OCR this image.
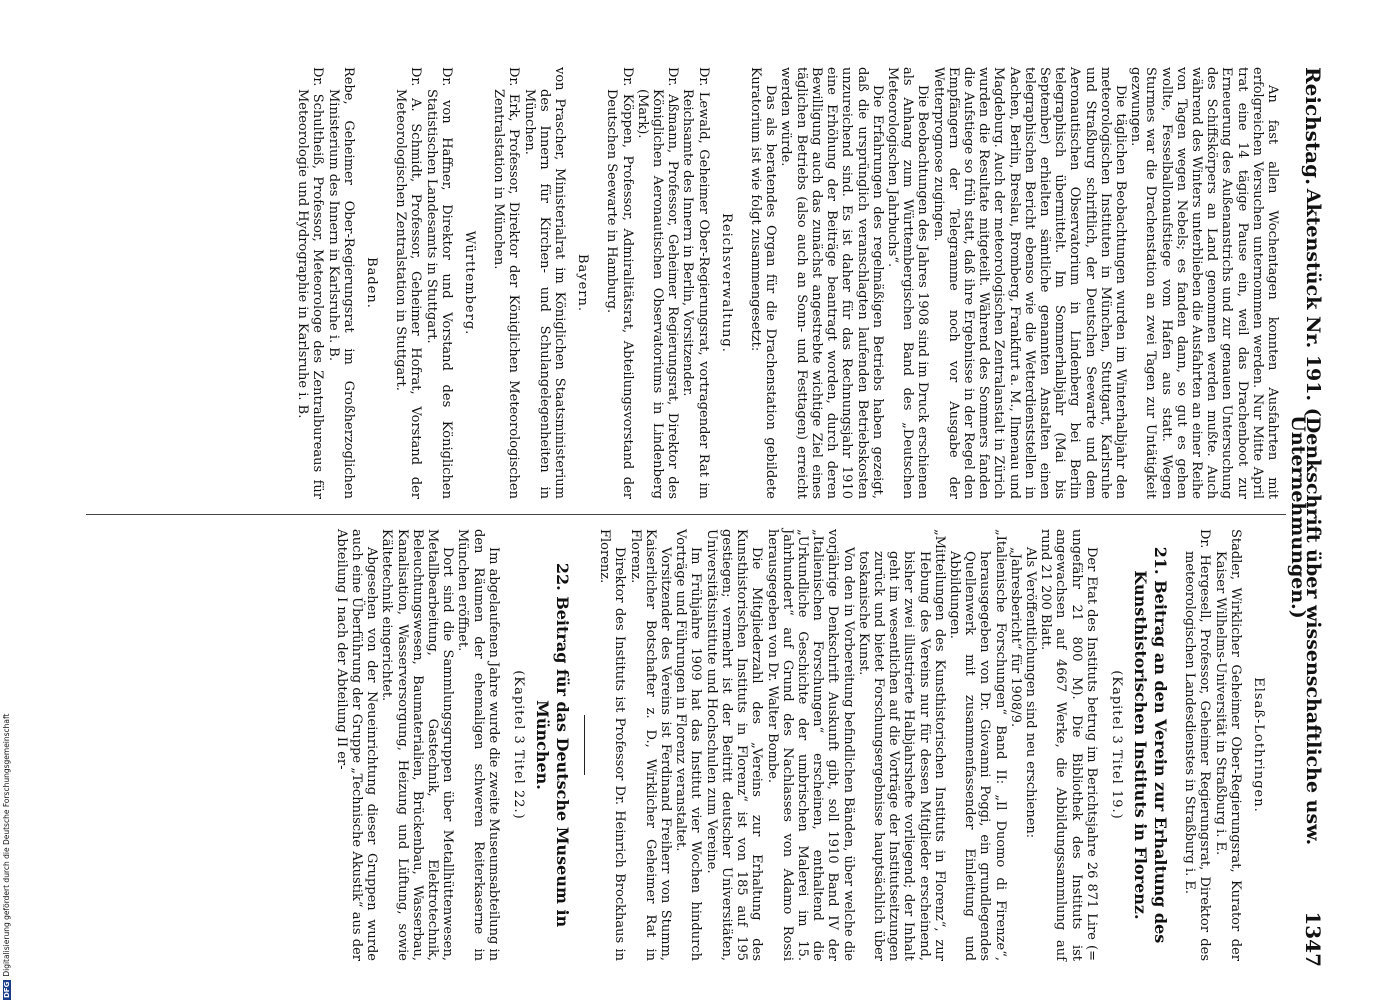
Reichstag.
Aktenstück Nr. 191. (Denkschrift über wissenschaftliche usw. Unternehmungen.)
1347

An fast allen Wochentagen konnten Ausfahrten mit erfolgreichen Versuchen unternommen werden. Nur Mitte April trat eine 14 tägige Pause ein, weil das Drachenboot zur Erneuerung des Außenanstrichs und zur genauen Untersuchung des Schiffskörpers an Land genommen werden mußte. Auch während des Winters unterblieben die Ausfahrten an einer Reihe von Tagen wegen Nebels; es fanden dann, so gut es gehen wollte, Fesselballonaufstiege vom Hafen aus statt. Wegen Sturmes war die Drachenstation an zwei Tagen zur Untätigkeit gezwungen.

Die täglichen Beobachtungen wurden im Winterhalbjahr den meteorologischen Instituten in München, Stuttgart, Karlsruhe und Straßburg schriftlich, der Deutschen Seewarte und dem Aeronautischen Observatorium in Lindenberg bei Berlin telegraphisch übermittelt. Im Sommerhalbjahr (Mai bis September) erhielten sämtliche genannten Anstalten einen telegraphischen Bericht ebenso wie die Wetterdienststellen in Aachen, Berlin, Breslau, Bromberg, Frankfurt a. M., Ilmenau und Magdeburg. Auch der meteorologischen Zentralanstalt in Zürich wurden die Resultate mitgeteilt. Während des Sommers fanden die Aufstiege so früh statt, daß ihre Ergebnisse in der Regel den Empfängern der Telegramme noch vor Ausgabe der Wetterprognose zugingen.

Die Beobachtungen des Jahres 1908 sind im Druck erschienen als Anhang zum Württembergischen Band des „Deutschen Meteorologischen Jahrbuchs“.

Die Erfahrungen des regelmäßigen Betriebs haben gezeigt, daß die ursprünglich veranschlagten laufenden Betriebskosten unzureichend sind. Es ist daher für das Rechnungsjahr 1910 eine Erhöhung der Beiträge beantragt worden, durch deren Bewilligung auch das zunächst angestrebte wichtige Ziel eines täglichen Betriebs (also auch an Sonn- und Festtagen) erreicht werden würde.

Das als beratendes Organ für die Drachenstation gebildete Kuratorium ist wie folgt zusammengesetzt:

Reichsverwaltung.

Dr. Lewald, Geheimer Ober-Regierungsrat, vortragender Rat im Reichsamte des Innern in Berlin, Vorsitzender.

Dr. Aßmann, Professor, Geheimer Regierungsrat, Direktor des Königlichen Aeronautischen Observatoriums in Lindenberg (Mark).

Dr. Köppen, Professor, Admiralitätsrat, Abteilungsvorstand der Deutschen Seewarte in Hamburg.

Bayern.

von Prascher, Ministerialrat im Königlichen Staatsministerium des Innern für Kirchen- und Schulangelegenheiten in München.

Dr. Erk, Professor, Direktor der Königlichen Meteorologischen Zentralstation in München.

Württemberg.

Dr. von Haffner, Direktor und Vorstand des Königlichen Statistischen Landesamts in Stuttgart.

Dr. A. Schmidt, Professor, Geheimer Hofrat, Vorstand der Meteorologischen Zentralstation in Stuttgart.

Baden.

Rebe, Geheimer Ober-Regierungsrat im Großherzoglichen Ministerium des Innern in Karlsruhe i. B.

Dr. Schultheiß, Professor, Meteorologe des Zentralbureaus für Meteorologie und Hydrographie in Karlsruhe i. B.

Elsaß-Lothringen.

Stadler, Wirklicher Geheimer Ober-Regierungsrat, Kurator der Kaiser Wilhelms-Universität in Straßburg i. E.

Dr. Hergesell, Professor, Geheimer Regierungsrat, Direktor des meteorologischen Landesdienstes in Straßburg i. E.

21. Beitrag an den Verein zur Erhaltung des Kunsthistorischen Instituts in Florenz.

(Kapitel 3 Titel 19.)

Der Etat des Instituts betrug im Berichtsjahre 26 871 Lire (= ungefähr 21 800 M). Die Bibliothek des Instituts ist angewachsen auf 4667 Werke, die Abbildungssammlung auf rund 21 200 Blatt.

Als Veröffentlichungen sind neu erschienen:

„Jahresbericht“ für 1908/9.

„Italienische Forschungen“ Band II: „Il Duomo di Firenze“, herausgegeben von Dr. Giovanni Poggi, ein grundlegendes Quellenwerk mit zusammenfassender Einleitung und Abbildungen.

„Mitteilungen des Kunsthistorischen Instituts in Florenz“, zur Hebung des Vereins nur für dessen Mitglieder erscheinend, bisher zwei illustrierte Halbjahrshefte vorliegend; der Inhalt geht im wesentlichen auf die Vorträge der Institutseitzungen zurück und bietet Forschungsergebnisse hauptsächlich über toskanische Kunst.

Von den in Vorbereitung befindlichen Bänden, über welche die vorjährige Denkschrift Auskunft gibt, soll 1910 Band IV der „Italienischen Forschungen“ erscheinen, enthaltend die „Urkundliche Geschichte der umbrischen Malerei im 15. Jahrhundert“ auf Grund des Nachlasses von Adamo Rossi herausgegeben von Dr. Walter Bombe.

Die Mitgliederzahl des „Vereins zur Erhaltung des Kunsthistorischen Instituts in Florenz“ ist von 185 auf 195 gestiegen; vermehrt ist der Beitritt deutscher Universitäten, Universitätsinstitute und Hochschulen zum Vereine.

Im Frühjahre 1909 hat das Institut vier Wochen hindurch Vorträge und Führungen in Florenz veranstaltet.

Vorsitzender des Vereins ist Ferdinand Freiherr von Stumm, Kaiserlicher Botschafter z. D., Wirklicher Geheimer Rat in Florenz.

Direktor des Instituts ist Professor Dr. Heinrich Brockhaus in Florenz.

22. Beitrag für das Deutsche Museum in München.

(Kapitel 3 Titel 22.)

Im abgelaufenen Jahre wurde die zweite Museumsabteilung in den Räumen der ehemaligen schweren Reiterkaserne in München eröffnet.

Dort sind die Sammlungsgruppen über Metallhüttenwesen, Metallbearbeitung, Gastechnik, Elektrotechnik, Beleuchtungswesen, Baumaterialien, Brückenbau, Wasserbau, Kanalisation, Wasserversorgung, Heizung und Lüftung, sowie Kältetechnik eingerichtet.

Abgesehen von der Neueinrichtung dieser Gruppen wurde auch eine Überführung der Gruppe „Technische Akustik“ aus der Abteilung I nach der Abteilung II er-

DFGDigitalisierung gefördert durch die Deutsche Forschungsgemeinschaft
